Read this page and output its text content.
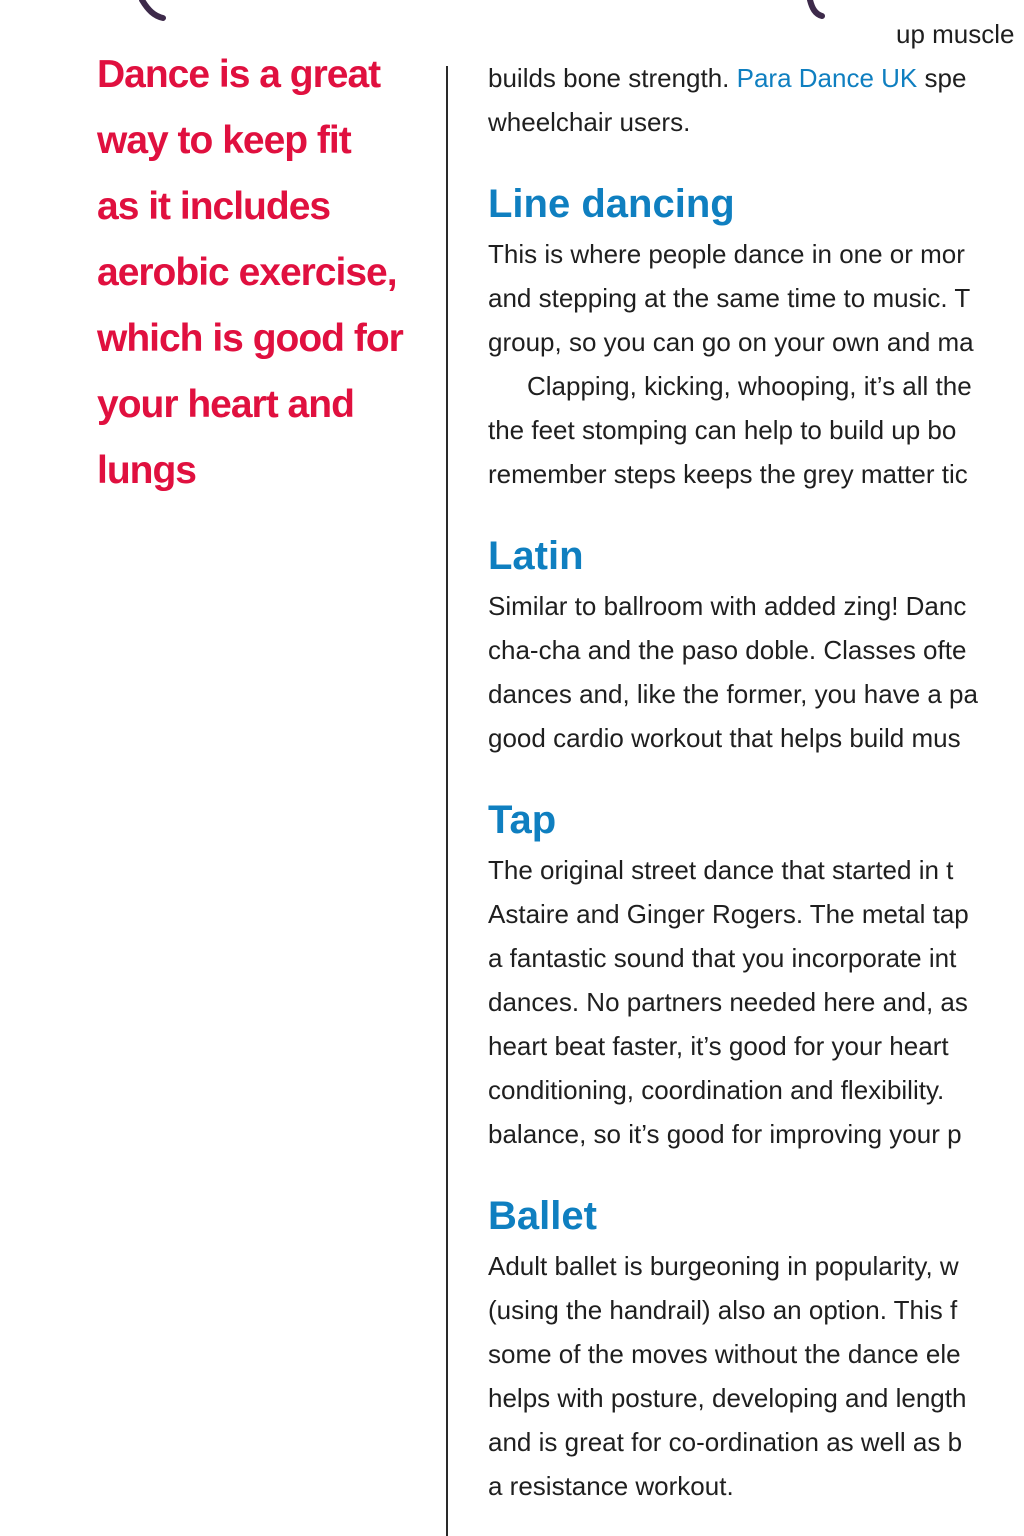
Dance is a great
way to keep fit
as it includes
aerobic exercise,
which is good for
your heart and
lungs
up muscle
builds bone strength. Para Dance UK spe
wheelchair users.
Line dancing
This is where people dance in one or mor
and stepping at the same time to music. T
group, so you can go on your own and ma
Clapping, kicking, whooping, it’s all the
the feet stomping can help to build up bo
remember steps keeps the grey matter tic
Latin
Similar to ballroom with added zing! Danc
cha-cha and the paso doble. Classes ofte
dances and, like the former, you have a pa
good cardio workout that helps build mus
Tap
The original street dance that started in t
Astaire and Ginger Rogers. The metal tap
a fantastic sound that you incorporate int
dances. No partners needed here and, as
heart beat faster, it’s good for your heart
conditioning, coordination and flexibility.
balance, so it’s good for improving your p
Ballet
Adult ballet is burgeoning in popularity, w
(using the handrail) also an option. This f
some of the moves without the dance ele
helps with posture, developing and length
and is great for co-ordination as well as b
a resistance workout.
